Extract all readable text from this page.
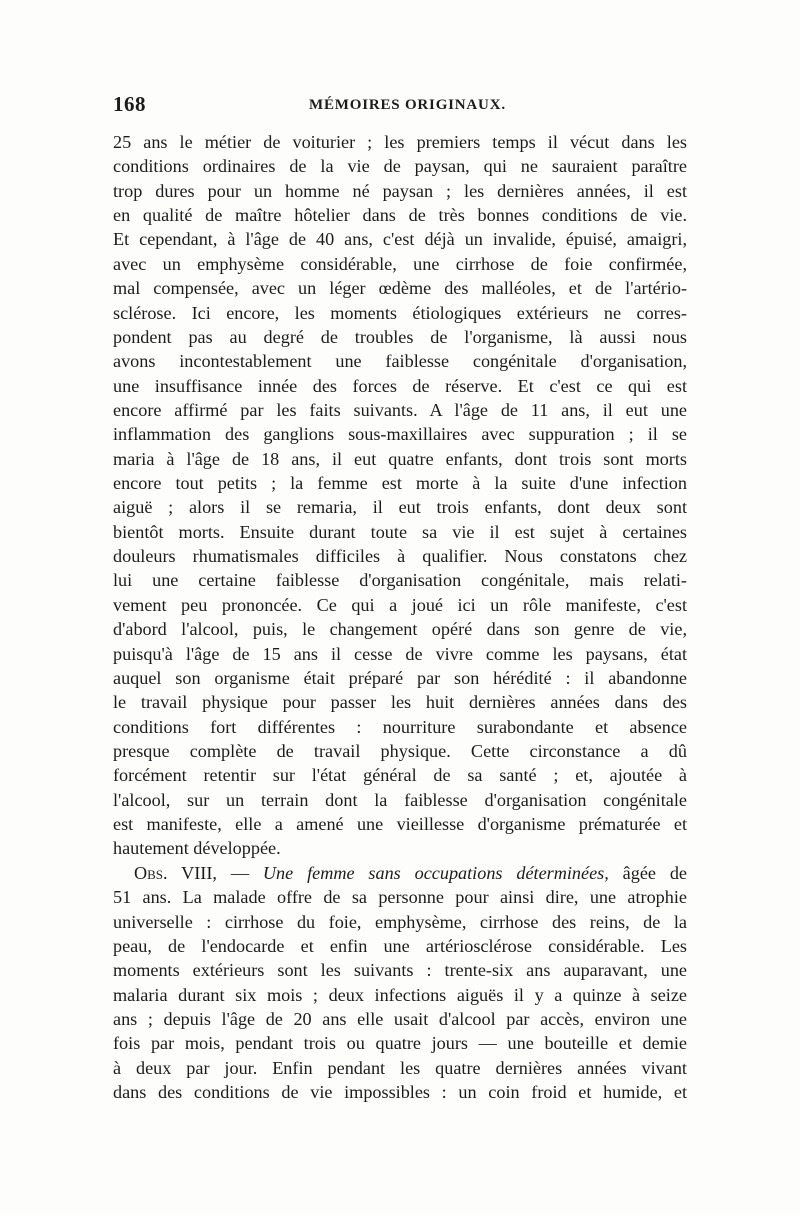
168	MÉMOIRES ORIGINAUX.
25 ans le métier de voiturier ; les premiers temps il vécut dans les
conditions ordinaires de la vie de paysan, qui ne sauraient paraître
trop dures pour un homme né paysan ; les dernières années, il est
en qualité de maître hôtelier dans de très bonnes conditions de vie.
Et cependant, à l'âge de 40 ans, c'est déjà un invalide, épuisé, amaigri,
avec un emphysème considérable, une cirrhose de foie confirmée,
mal compensée, avec un léger œdème des malléoles, et de l'artério-
sclérose. Ici encore, les moments étiologiques extérieurs ne corres-
pondent pas au degré de troubles de l'organisme, là aussi nous
avons incontestablement une faiblesse congénitale d'organisation,
une insuffisance innée des forces de réserve. Et c'est ce qui est
encore affirmé par les faits suivants. A l'âge de 11 ans, il eut une
inflammation des ganglions sous-maxillaires avec suppuration ; il se
maria à l'âge de 18 ans, il eut quatre enfants, dont trois sont morts
encore tout petits ; la femme est morte à la suite d'une infection
aiguë ; alors il se remaria, il eut trois enfants, dont deux sont
bientôt morts. Ensuite durant toute sa vie il est sujet à certaines
douleurs rhumatismales difficiles à qualifier. Nous constatons chez
lui une certaine faiblesse d'organisation congénitale, mais relati-
vement peu prononcée. Ce qui a joué ici un rôle manifeste, c'est
d'abord l'alcool, puis, le changement opéré dans son genre de vie,
puisqu'à l'âge de 15 ans il cesse de vivre comme les paysans, état
auquel son organisme était préparé par son hérédité : il abandonne
le travail physique pour passer les huit dernières années dans des
conditions fort différentes : nourriture surabondante et absence
presque complète de travail physique. Cette circonstance a dû
forcément retentir sur l'état général de sa santé ; et, ajoutée à
l'alcool, sur un terrain dont la faiblesse d'organisation congénitale
est manifeste, elle a amené une vieillesse d'organisme prématurée et
hautement développée.
Obs. VIII, — Une femme sans occupations déterminées, âgée de
51 ans. La malade offre de sa personne pour ainsi dire, une atrophie
universelle : cirrhose du foie, emphysème, cirrhose des reins, de la
peau, de l'endocarde et enfin une artériosclérose considérable. Les
moments extérieurs sont les suivants : trente-six ans auparavant, une
malaria durant six mois ; deux infections aiguës il y a quinze à seize
ans ; depuis l'âge de 20 ans elle usait d'alcool par accès, environ une
fois par mois, pendant trois ou quatre jours — une bouteille et demie
à deux par jour. Enfin pendant les quatre dernières années vivant
dans des conditions de vie impossibles : un coin froid et humide, et
